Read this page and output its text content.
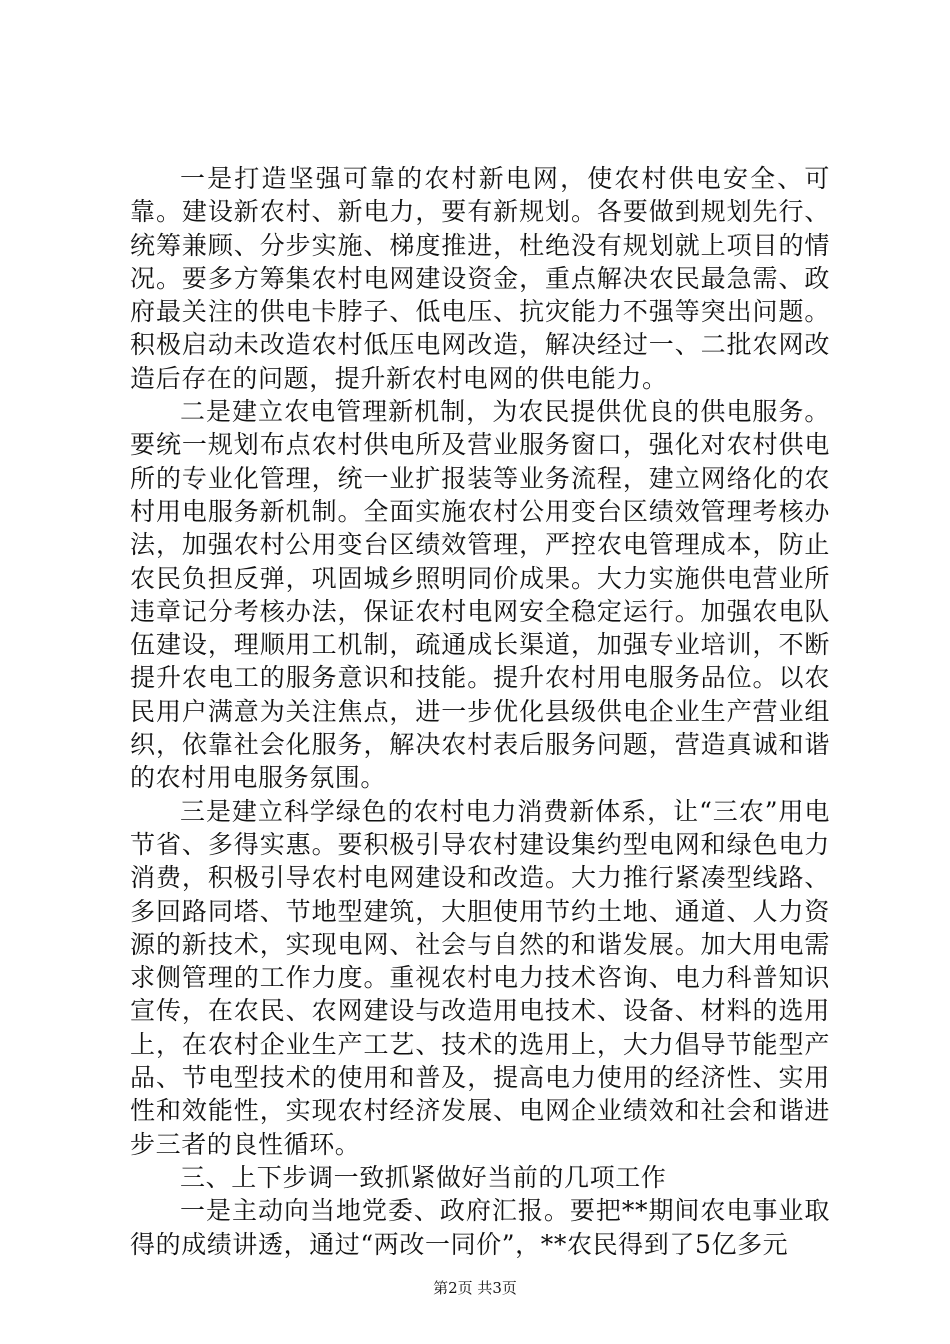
一是打造坚强可靠的农村新电网，使农村供电安全、可靠。建设新农村、新电力，要有新规划。各要做到规划先行、统筹兼顾、分步实施、梯度推进，杜绝没有规划就上项目的情况。要多方筹集农村电网建设资金，重点解决农民最急需、政府最关注的供电卡脖子、低电压、抗灾能力不强等突出问题。积极启动未改造农村低压电网改造，解决经过一、二批农网改造后存在的问题，提升新农村电网的供电能力。

二是建立农电管理新机制，为农民提供优良的供电服务。要统一规划布点农村供电所及营业服务窗口，强化对农村供电所的专业化管理，统一业扩报装等业务流程，建立网络化的农村用电服务新机制。全面实施农村公用变台区绩效管理考核办法，加强农村公用变台区绩效管理，严控农电管理成本，防止农民负担反弹，巩固城乡照明同价成果。大力实施供电营业所违章记分考核办法，保证农村电网安全稳定运行。加强农电队伍建设，理顺用工机制，疏通成长渠道，加强专业培训，不断提升农电工的服务意识和技能。提升农村用电服务品位。以农民用户满意为关注焦点，进一步优化县级供电企业生产营业组织，依靠社会化服务，解决农村表后服务问题，营造真诚和谐的农村用电服务氛围。

三是建立科学绿色的农村电力消费新体系，让“三农”用电节省、多得实惠。要积极引导农村建设集约型电网和绿色电力消费，积极引导农村电网建设和改造。大力推行紧凑型线路、多回路同塔、节地型建筑，大胆使用节约土地、通道、人力资源的新技术，实现电网、社会与自然的和谐发展。加大用电需求侧管理的工作力度。重视农村电力技术咨询、电力科普知识宣传，在农民、农网建设与改造用电技术、设备、材料的选用上，在农村企业生产工艺、技术的选用上，大力倡导节能型产品、节电型技术的使用和普及，提高电力使用的经济性、实用性和效能性，实现农村经济发展、电网企业绩效和社会和谐进步三者的良性循环。

三、上下步调一致抓紧做好当前的几项工作

一是主动向当地党委、政府汇报。要把**期间农电事业取得的成绩讲透，通过“两改一同价”，**农民得到了5亿多元

第2页 共3页
